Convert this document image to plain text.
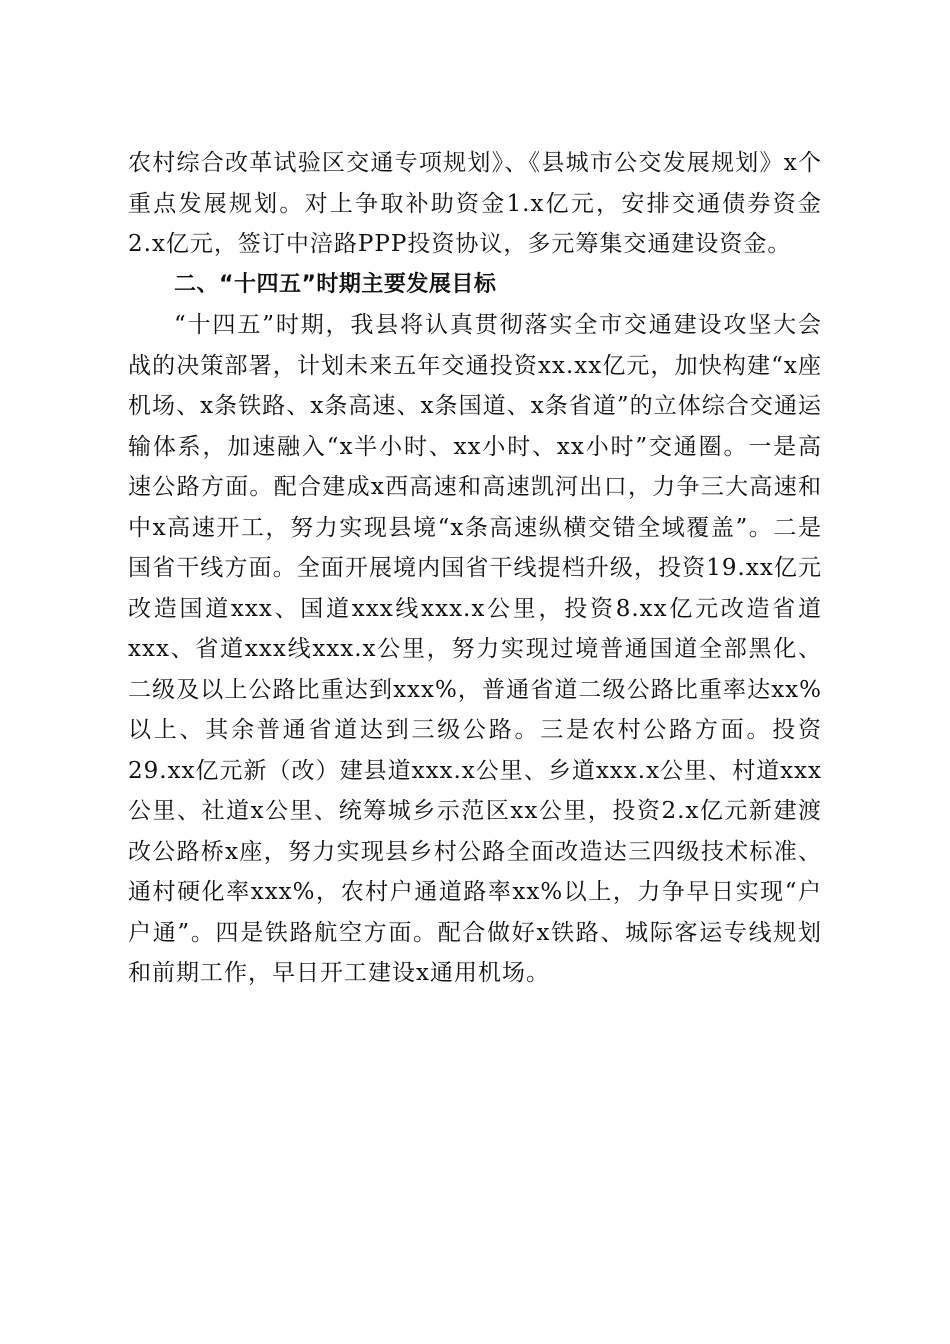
农村综合改革试验区交通专项规划》、《县城市公交发展规划》x个重点发展规划。对上争取补助资金1.x亿元，安排交通债券资金2.x亿元，签订中涪路PPP投资协议，多元筹集交通建设资金。

二、“十四五”时期主要发展目标

“十四五”时期，我县将认真贯彻落实全市交通建设攻坚大会战的决策部署，计划未来五年交通投资xx.xx亿元，加快构建“x座机场、x条铁路、x条高速、x条国道、x条省道”的立体综合交通运输体系，加速融入“x半小时、xx小时、xx小时”交通圈。一是高速公路方面。配合建成x西高速和高速凯河出口，力争三大高速和中x高速开工，努力实现县境“x条高速纵横交错全域覆盖”。二是国省干线方面。全面开展境内国省干线提档升级，投资19.xx亿元改造国道xxx、国道xxx线xxx.x公里，投资8.xx亿元改造省道xxx、省道xxx线xxx.x公里，努力实现过境普通国道全部黑化、二级及以上公路比重达到xxx%，普通省道二级公路比重率达xx%以上、其余普通省道达到三级公路。三是农村公路方面。投资29.xx亿元新（改）建县道xxx.x公里、乡道xxx.x公里、村道xxx公里、社道x公里、统筹城乡示范区xx公里，投资2.x亿元新建渡改公路桥x座，努力实现县乡村公路全面改造达三四级技术标准、通村硬化率xxx%，农村户通道路率xx%以上，力争早日实现“户户通”。四是铁路航空方面。配合做好x铁路、城际客运专线规划和前期工作，早日开工建设x通用机场。
